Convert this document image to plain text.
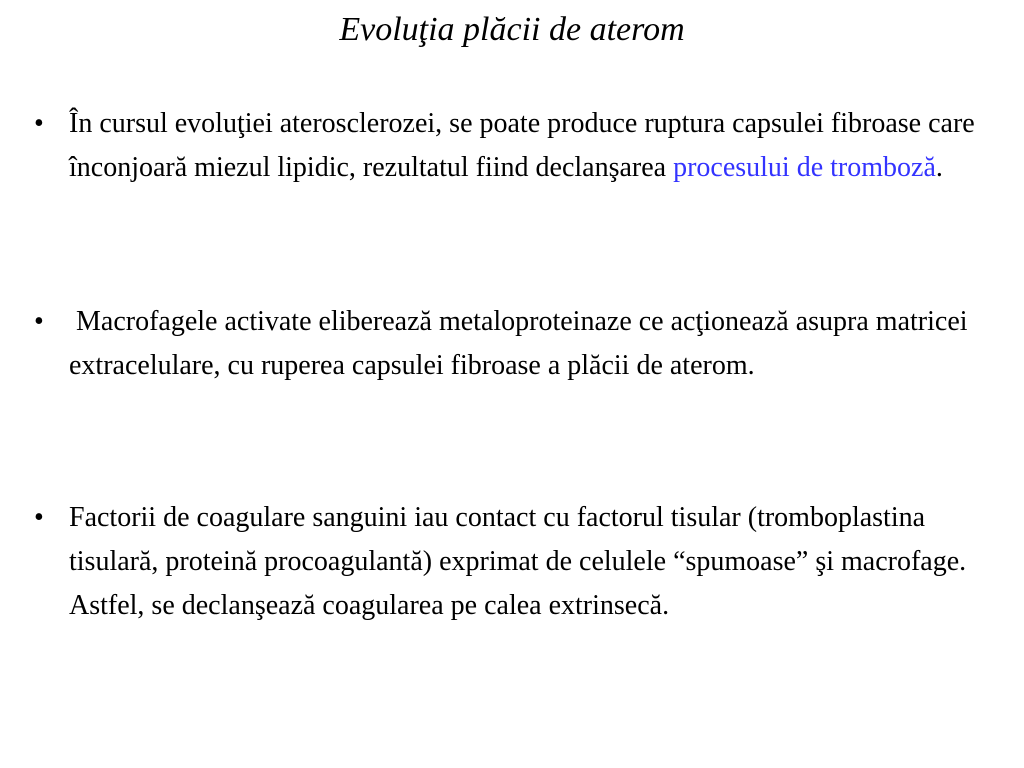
Evoluţia plăcii de aterom
• În cursul evoluţiei aterosclerozei, se poate produce ruptura capsulei fibroase care înconjoară miezul lipidic, rezultatul fiind declanşarea procesului de tromboză.

• Macrofagele activate eliberează metaloproteinaze ce acţionează asupra matricei extracelulare, cu ruperea capsulei fibroase a plăcii de aterom.

• Factorii de coagulare sanguini iau contact cu factorul tisular (tromboplastina tisulară, proteină procoagulantă) exprimat de celulele “spumoase” şi macrofage. Astfel, se declanşează coagularea pe calea extrinsecă.
